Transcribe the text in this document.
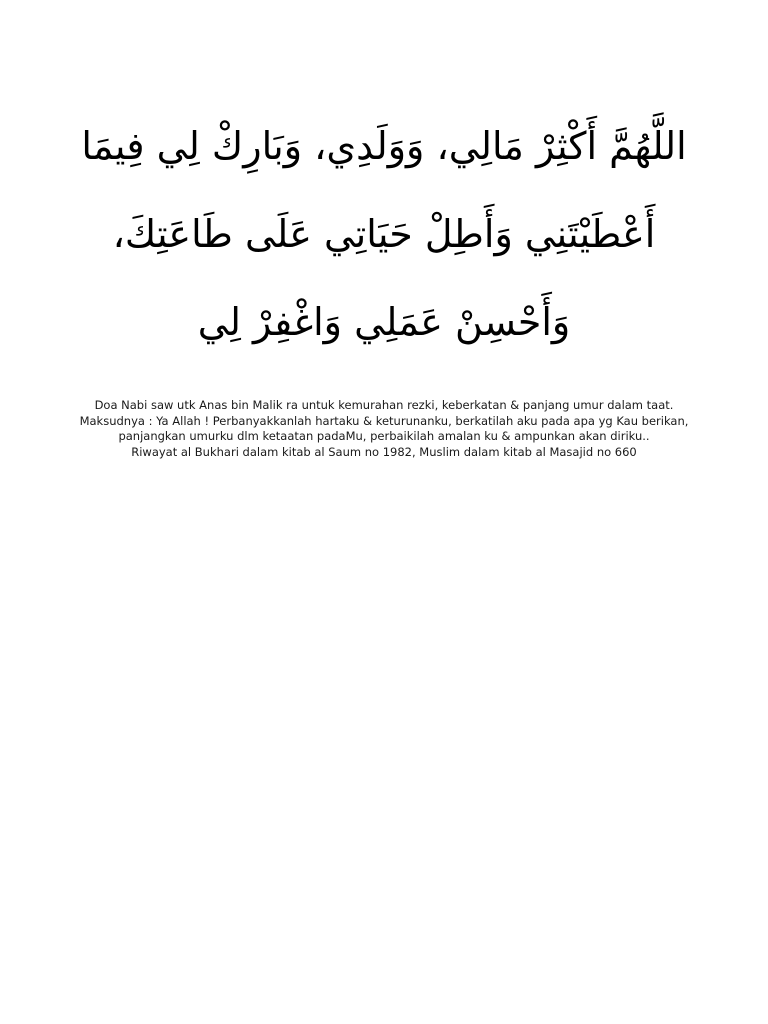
اللَّهُمَّ أَكْثِرْ مَالِي، وَوَلَدِي، وَبَارِكْ لِي فِيمَا
أَعْطَيْتَنِي وَأَطِلْ حَيَاتِي عَلَى طَاعَتِكَ،
وَأَحْسِنْ عَمَلِي وَاغْفِرْ لِي
Doa Nabi saw utk Anas bin Malik ra untuk kemurahan rezki, keberkatan & panjang umur dalam taat.
Maksudnya : Ya Allah ! Perbanyakkanlah hartaku & keturunanku, berkatilah aku pada apa yg Kau berikan,
panjangkan umurku dlm ketaatan padaMu, perbaikilah amalan ku & ampunkan akan diriku..
Riwayat al Bukhari dalam kitab al Saum no 1982, Muslim dalam kitab al Masajid no 660
